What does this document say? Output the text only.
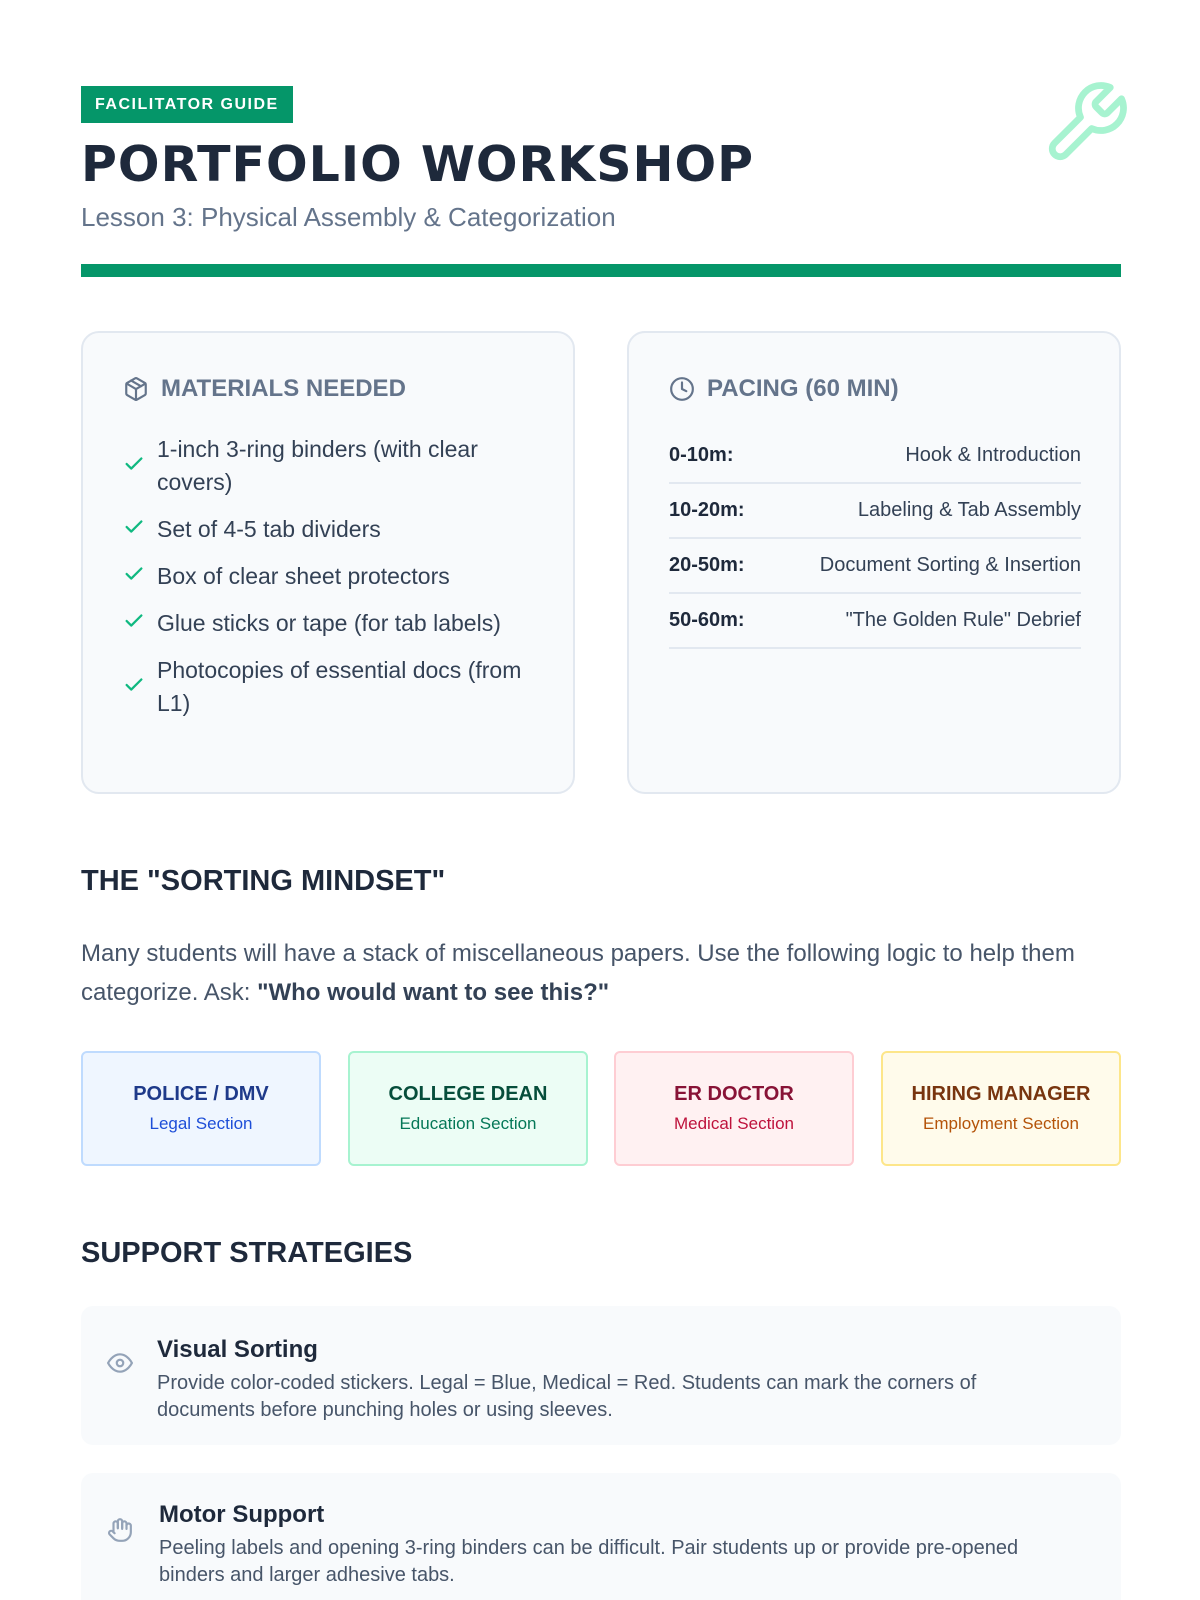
FACILITATOR GUIDE
PORTFOLIO WORKSHOP
Lesson 3: Physical Assembly & Categorization
MATERIALS NEEDED
1-inch 3-ring binders (with clear covers)
Set of 4-5 tab dividers
Box of clear sheet protectors
Glue sticks or tape (for tab labels)
Photocopies of essential docs (from L1)
PACING (60 MIN)
0-10m:	Hook & Introduction
10-20m:	Labeling & Tab Assembly
20-50m:	Document Sorting & Insertion
50-60m:	"The Golden Rule" Debrief
THE "SORTING MINDSET"

Many students will have a stack of miscellaneous papers. Use the following logic to help them categorize. Ask: "Who would want to see this?"

POLICE / DMV
Legal Section
COLLEGE DEAN
Education Section
ER DOCTOR
Medical Section
HIRING MANAGER
Employment Section
SUPPORT STRATEGIES
Visual Sorting
Provide color-coded stickers. Legal = Blue, Medical = Red. Students can mark the corners of documents before punching holes or using sleeves.
Motor Support
Peeling labels and opening 3-ring binders can be difficult. Pair students up or provide pre-opened binders and larger adhesive tabs.
